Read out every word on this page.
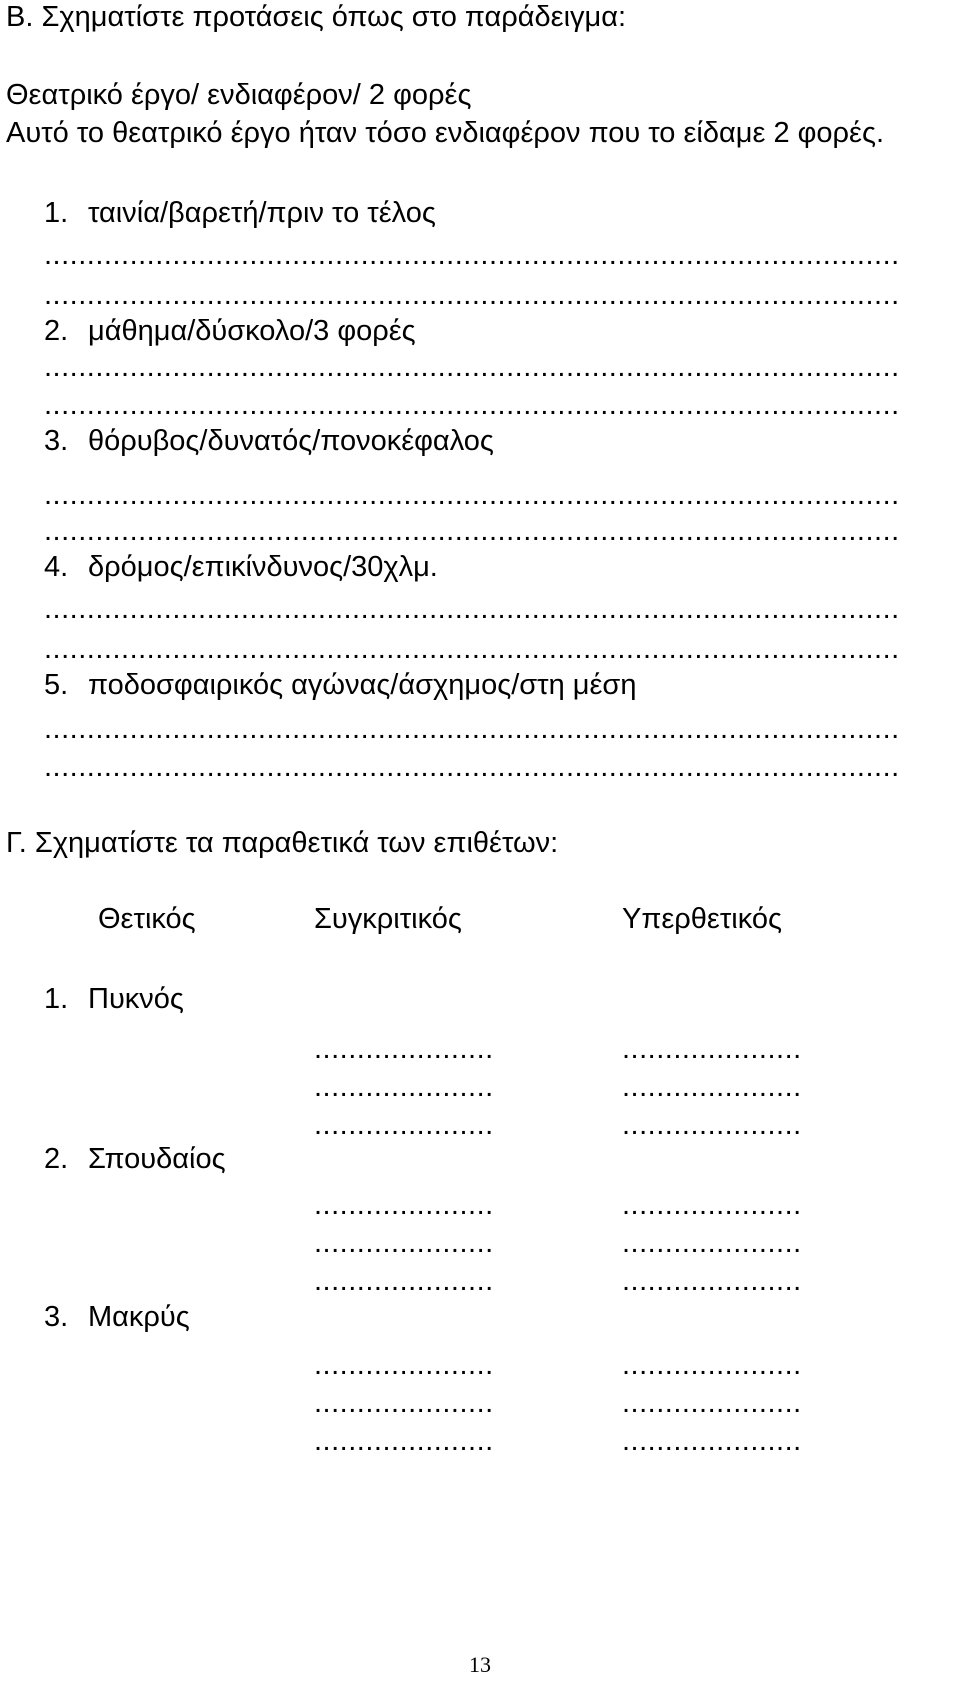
Β. Σχηματίστε προτάσεις όπως στο παράδειγμα:
Θεατρικό έργο/ ενδιαφέρον/ 2 φορές
Αυτό το θεατρικό έργο ήταν τόσο ενδιαφέρον που το είδαμε 2 φορές.
1. ταινία/βαρετή/πριν το τέλος
....................................................................................................
....................................................................................................
2. μάθημα/δύσκολο/3 φορές
....................................................................................................
....................................................................................................
3. θόρυβος/δυνατός/πονοκέφαλος
....................................................................................................
....................................................................................................
4. δρόμος/επικίνδυνος/30χλμ.
....................................................................................................
....................................................................................................
5. ποδοσφαιρικός αγώνας/άσχημος/στη μέση
....................................................................................................
....................................................................................................
Γ. Σχηματίστε τα παραθετικά των επιθέτων:
Θετικός	Συγκριτικός	Υπερθετικός
1. Πυκνός
.....................	.....................
.....................	.....................
.....................	.....................
2. Σπουδαίος
.....................	.....................
.....................	.....................
.....................	.....................
3. Μακρύς
.....................	.....................
.....................	.....................
.....................	.....................
13
